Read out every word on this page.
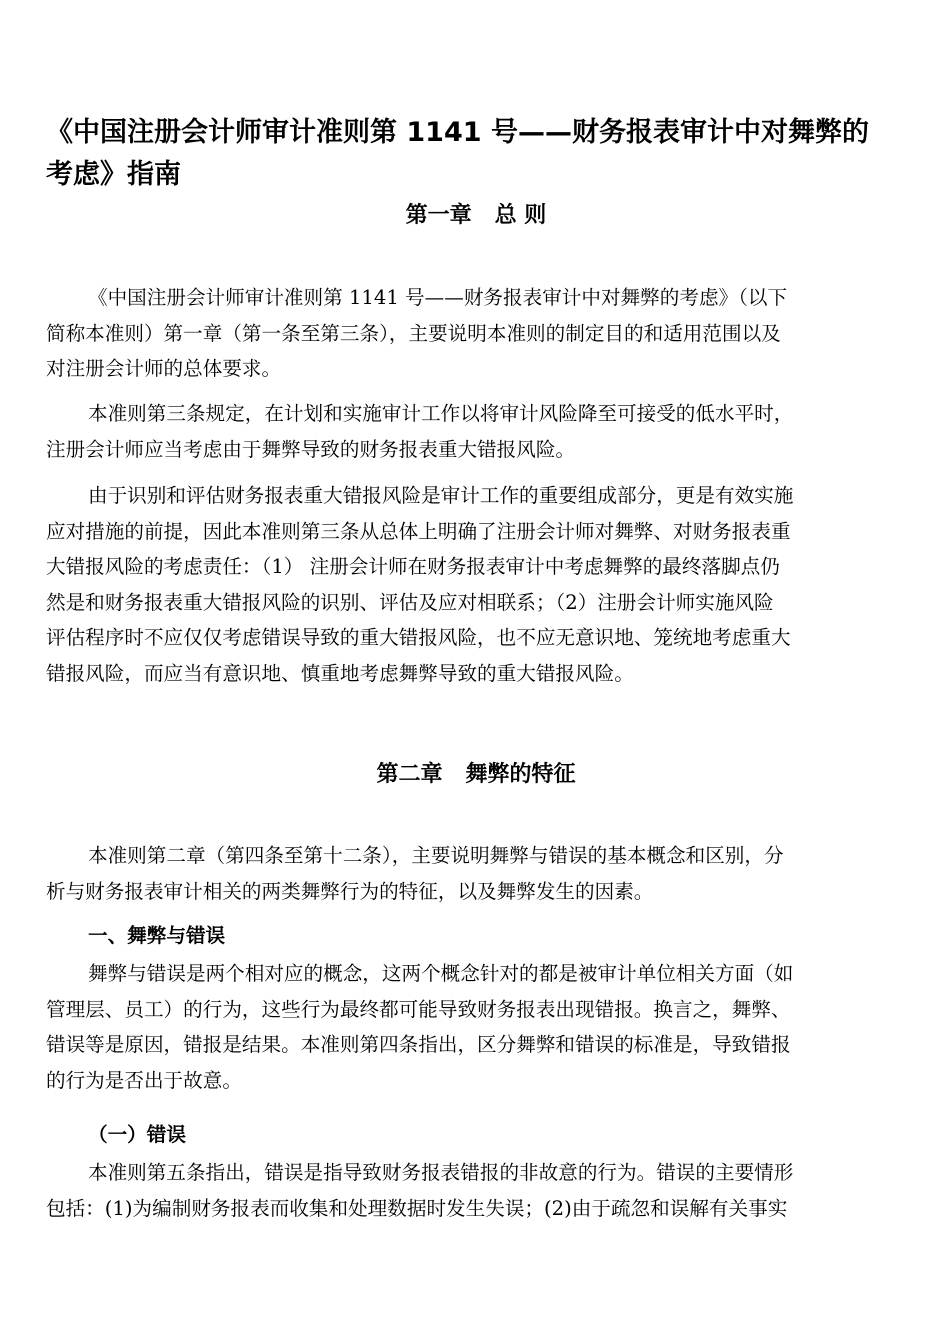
《中国注册会计师审计准则第 1141 号——财务报表审计中对舞弊的
考虑》指南
第一章   总 则
《中国注册会计师审计准则第 1141 号——财务报表审计中对舞弊的考虑》（以下
简称本准则）第一章（第一条至第三条），主要说明本准则的制定目的和适用范围以及
对注册会计师的总体要求。
本准则第三条规定，在计划和实施审计工作以将审计风险降至可接受的低水平时，
注册会计师应当考虑由于舞弊导致的财务报表重大错报风险。
由于识别和评估财务报表重大错报风险是审计工作的重要组成部分，更是有效实施
应对措施的前提，因此本准则第三条从总体上明确了注册会计师对舞弊、对财务报表重
大错报风险的考虑责任：（1） 注册会计师在财务报表审计中考虑舞弊的最终落脚点仍
然是和财务报表重大错报风险的识别、评估及应对相联系；（2）注册会计师实施风险
评估程序时不应仅仅考虑错误导致的重大错报风险，也不应无意识地、笼统地考虑重大
错报风险，而应当有意识地、慎重地考虑舞弊导致的重大错报风险。
第二章   舞弊的特征
本准则第二章（第四条至第十二条），主要说明舞弊与错误的基本概念和区别，分
析与财务报表审计相关的两类舞弊行为的特征，以及舞弊发生的因素。
一、舞弊与错误
舞弊与错误是两个相对应的概念，这两个概念针对的都是被审计单位相关方面（如
管理层、员工）的行为，这些行为最终都可能导致财务报表出现错报。换言之，舞弊、
错误等是原因，错报是结果。本准则第四条指出，区分舞弊和错误的标准是，导致错报
的行为是否出于故意。
（一）错误
本准则第五条指出，错误是指导致财务报表错报的非故意的行为。错误的主要情形
包括：(1)为编制财务报表而收集和处理数据时发生失误；(2)由于疏忽和误解有关事实
